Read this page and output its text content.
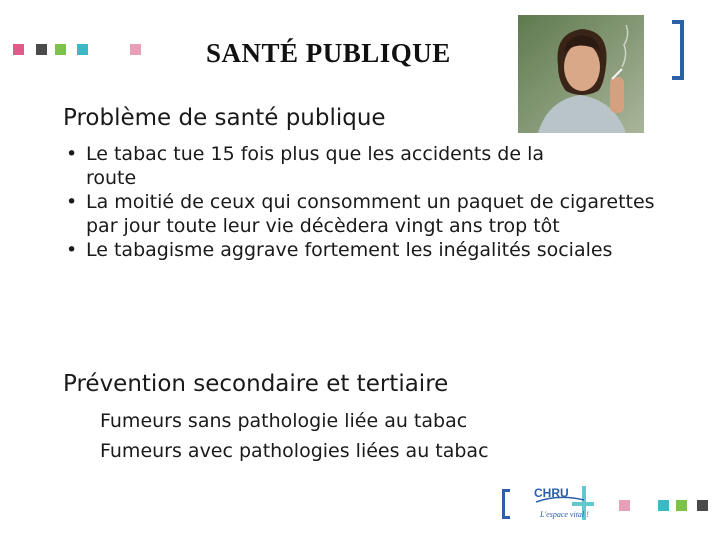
SANTÉ PUBLIQUE
Problème de santé publique
• Le tabac tue 15 fois plus que les accidents de la route
• La moitié de ceux qui consomment un paquet de cigarettes par jour toute leur vie décèdera vingt ans trop tôt
• Le tabagisme aggrave fortement les inégalités sociales
Prévention secondaire et tertiaire
Fumeurs sans pathologie liée au tabac
Fumeurs avec pathologies liées au tabac
CHRU
L'espace vital !
